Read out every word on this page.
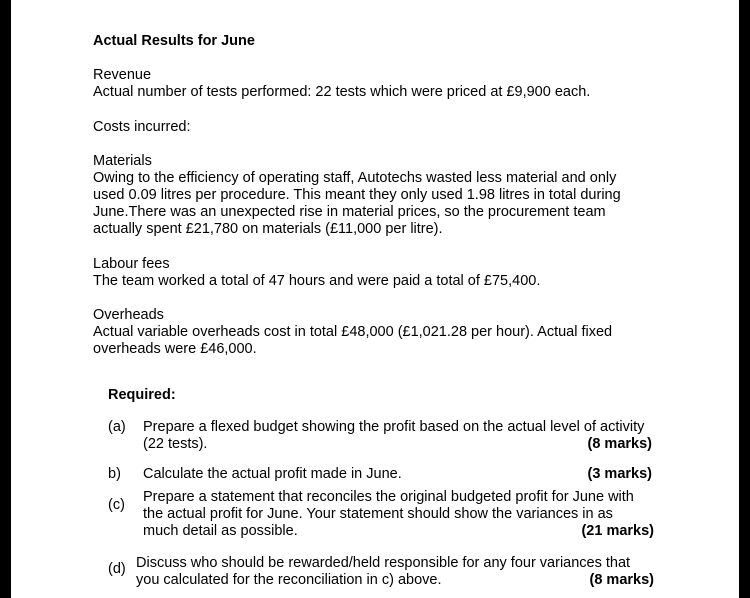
Actual Results for June
Revenue
Actual number of tests performed: 22 tests which were priced at £9,900 each.
Costs incurred:
Materials
Owing to the efficiency of operating staff, Autotechs wasted less material and only
used 0.09 litres per procedure. This meant they only used 1.98 litres in total during
June.There was an unexpected rise in material prices, so the procurement team
actually spent £21,780 on materials (£11,000 per litre).
Labour fees
The team worked a total of 47 hours and were paid a total of £75,400.
Overheads
Actual variable overheads cost in total £48,000 (£1,021.28 per hour). Actual fixed
overheads were £46,000.
Required:
(a) Prepare a flexed budget showing the profit based on the actual level of activity
(22 tests).	(8 marks)
b) Calculate the actual profit made in June.	(3 marks)
(c) Prepare a statement that reconciles the original budgeted profit for June with
the actual profit for June. Your statement should show the variances in as
much detail as possible.	(21 marks)
(d) Discuss who should be rewarded/held responsible for any four variances that
you calculated for the reconciliation in c) above.	(8 marks)
